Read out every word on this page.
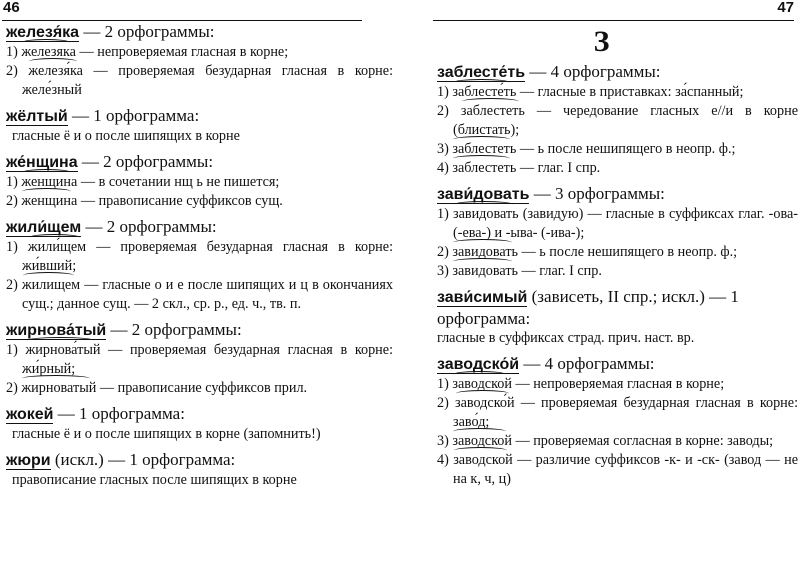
46
железя́ка — 2 орфограммы:
1) железяка — непроверяемая гласная в корне;
2) железя́ка — проверяемая безударная гласная в корне: желе́зный
жёлтый — 1 орфограмма:
гласные ё и о после шипящих в корне
же́нщина — 2 орфограммы:
1) женщина — в сочетании нщ ь не пишется;
2) женщина — правописание суффиксов сущ.
жили́щем — 2 орфограммы:
1) жили́щем — проверяемая безударная гласная в корне: жи́вший;
2) жилищем — гласные о и е после шипящих и ц в окончаниях сущ.; данное сущ. — 2 скл., ср. р., ед. ч., тв. п.
жирнова́тый — 2 орфограммы:
1) жирнова́тый — проверяемая безударная гласная в корне: жи́рный;
2) жирноватый — правописание суффиксов прил.
жокей — 1 орфограмма:
гласные ё и о после шипящих в корне (запомнить!)
жюри (искл.) — 1 орфограмма:
правописание гласных после шипящих в корне
47
З
заблесте́ть — 4 орфограммы:
1) заблесте́ть — гласные в приставках: за́спанный;
2) заблестеть — чередование гласных е//и в корне (блистать);
3) заблестеть — ь после нешипящего в неопр. ф.;
4) заблестеть — глаг. I спр.
зави́довать — 3 орфограммы:
1) завидовать (завидую) — гласные в суффиксах глаг. -ова- (-ева-) и -ыва- (-ива-);
2) завидовать — ь после нешипящего в неопр. ф.;
3) завидовать — глаг. I спр.
зави́симый (зависеть, II спр.; искл.) — 1 орфограмма:
гласные в суффиксах страд. прич. наст. вр.
заводско́й — 4 орфограммы:
1) заводской — непроверяемая гласная в корне;
2) заводско́й — проверяемая безударная гласная в корне: заво́д;
3) заводской — проверяемая согласная в корне: заводы;
4) заводской — различие суффиксов -к- и -ск- (завод — не на к, ч, ц)
